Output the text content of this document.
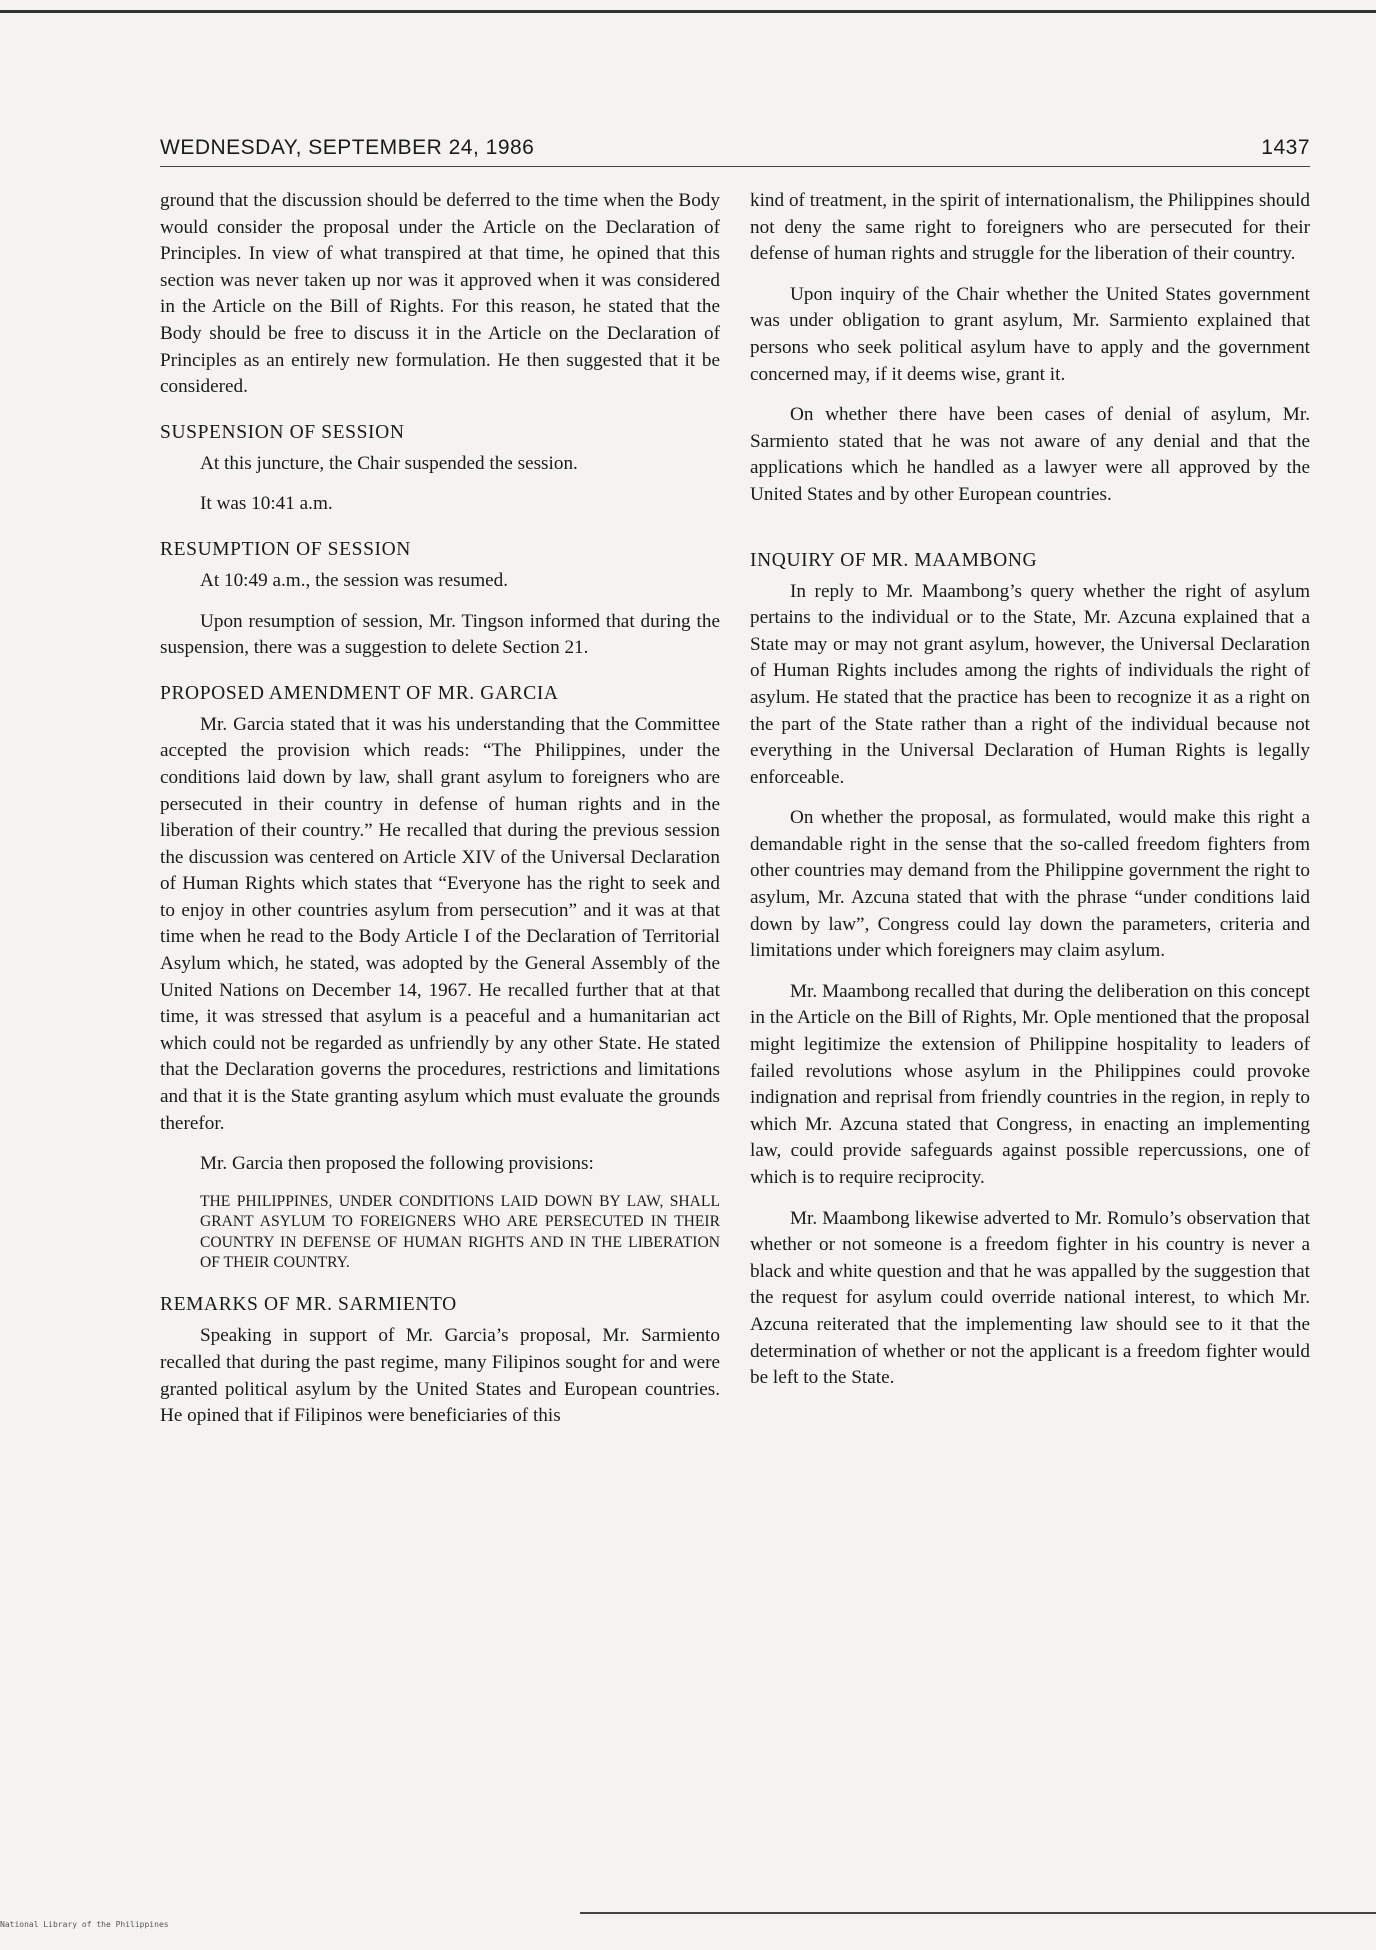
WEDNESDAY, SEPTEMBER 24, 1986	1437

ground that the discussion should be deferred to the time when the Body would consider the proposal under the Article on the Declaration of Principles. In view of what transpired at that time, he opined that this section was never taken up nor was it approved when it was considered in the Article on the Bill of Rights. For this reason, he stated that the Body should be free to discuss it in the Article on the Declaration of Principles as an entirely new formulation. He then suggested that it be considered.

SUSPENSION OF SESSION

At this juncture, the Chair suspended the session.

It was 10:41 a.m.

RESUMPTION OF SESSION

At 10:49 a.m., the session was resumed.

Upon resumption of session, Mr. Tingson informed that during the suspension, there was a suggestion to delete Section 21.

PROPOSED AMENDMENT OF MR. GARCIA

Mr. Garcia stated that it was his understanding that the Committee accepted the provision which reads: “The Philippines, under the conditions laid down by law, shall grant asylum to foreigners who are persecuted in their country in defense of human rights and in the liberation of their country.” He recalled that during the previous session the discussion was centered on Article XIV of the Universal Declaration of Human Rights which states that “Everyone has the right to seek and to enjoy in other countries asylum from persecution” and it was at that time when he read to the Body Article I of the Declaration of Territorial Asylum which, he stated, was adopted by the General Assembly of the United Nations on December 14, 1967. He recalled further that at that time, it was stressed that asylum is a peaceful and a humanitarian act which could not be regarded as unfriendly by any other State. He stated that the Declaration governs the procedures, restrictions and limitations and that it is the State granting asylum which must evaluate the grounds therefor.

Mr. Garcia then proposed the following provisions:

THE PHILIPPINES, UNDER CONDITIONS LAID DOWN BY LAW, SHALL GRANT ASYLUM TO FOREIGNERS WHO ARE PERSECUTED IN THEIR COUNTRY IN DEFENSE OF HUMAN RIGHTS AND IN THE LIBERATION OF THEIR COUNTRY.
REMARKS OF MR. SARMIENTO

Speaking in support of Mr. Garcia’s proposal, Mr. Sarmiento recalled that during the past regime, many Filipinos sought for and were granted political asylum by the United States and European countries. He opined that if Filipinos were beneficiaries of this

kind of treatment, in the spirit of internationalism, the Philippines should not deny the same right to foreigners who are persecuted for their defense of human rights and struggle for the liberation of their country.

Upon inquiry of the Chair whether the United States government was under obligation to grant asylum, Mr. Sarmiento explained that persons who seek political asylum have to apply and the government concerned may, if it deems wise, grant it.

On whether there have been cases of denial of asylum, Mr. Sarmiento stated that he was not aware of any denial and that the applications which he handled as a lawyer were all approved by the United States and by other European countries.

INQUIRY OF MR. MAAMBONG

In reply to Mr. Maambong’s query whether the right of asylum pertains to the individual or to the State, Mr. Azcuna explained that a State may or may not grant asylum, however, the Universal Declaration of Human Rights includes among the rights of individuals the right of asylum. He stated that the practice has been to recognize it as a right on the part of the State rather than a right of the individual because not everything in the Universal Declaration of Human Rights is legally enforceable.

On whether the proposal, as formulated, would make this right a demandable right in the sense that the so-called freedom fighters from other countries may demand from the Philippine government the right to asylum, Mr. Azcuna stated that with the phrase “under conditions laid down by law”, Congress could lay down the parameters, criteria and limitations under which foreigners may claim asylum.

Mr. Maambong recalled that during the deliberation on this concept in the Article on the Bill of Rights, Mr. Ople mentioned that the proposal might legitimize the extension of Philippine hospitality to leaders of failed revolutions whose asylum in the Philippines could provoke indignation and reprisal from friendly countries in the region, in reply to which Mr. Azcuna stated that Congress, in enacting an implementing law, could provide safeguards against possible repercussions, one of which is to require reciprocity.

Mr. Maambong likewise adverted to Mr. Romulo’s observation that whether or not someone is a freedom fighter in his country is never a black and white question and that he was appalled by the suggestion that the request for asylum could override national interest, to which Mr. Azcuna reiterated that the implementing law should see to it that the determination of whether or not the applicant is a freedom fighter would be left to the State.

National Library of the Philippines
